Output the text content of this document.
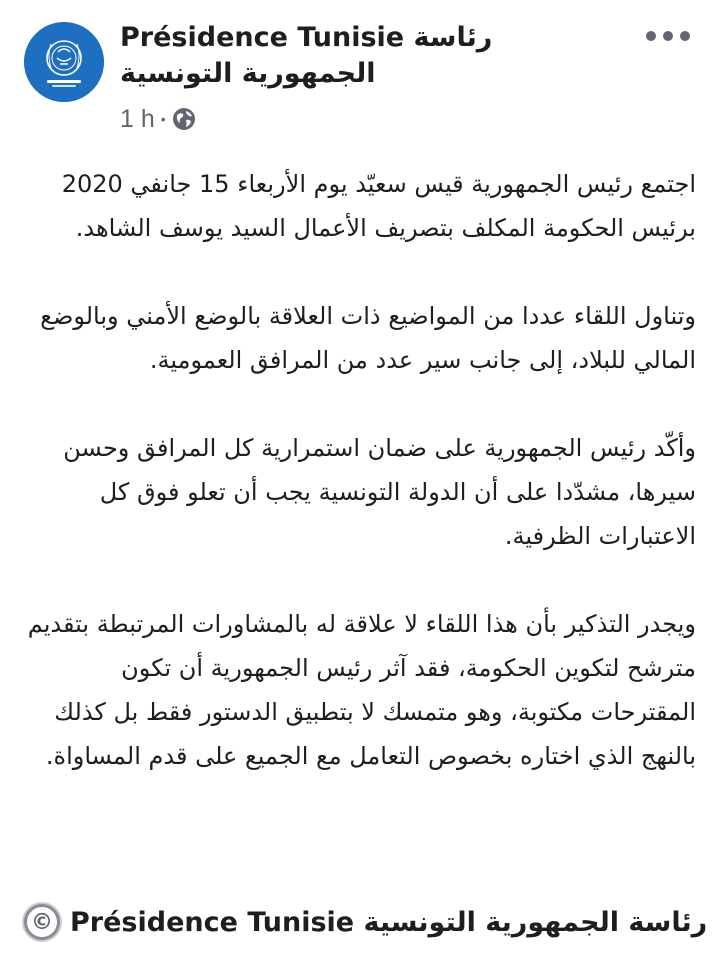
Présidence Tunisie رئاسة الجمهورية التونسية
1 h •

اجتمع رئيس الجمهورية قيس سعيّد يوم الأربعاء 15 جانفي 2020 برئيس الحكومة المكلف بتصريف الأعمال السيد يوسف الشاهد.

وتناول اللقاء عددا من المواضيع ذات العلاقة بالوضع الأمني وبالوضع المالي للبلاد، إلى جانب سير عدد من المرافق العمومية.

وأكّد رئيس الجمهورية على ضمان استمرارية كل المرافق وحسن سيرها، مشدّدا على أن الدولة التونسية يجب أن تعلو فوق كل الاعتبارات الظرفية.

ويجدر التذكير بأن هذا اللقاء لا علاقة له بالمشاورات المرتبطة بتقديم مترشح لتكوين الحكومة، فقد آثر رئيس الجمهورية أن تكون المقترحات مكتوبة، وهو متمسك لا بتطبيق الدستور فقط بل كذلك بالنهج الذي اختاره بخصوص التعامل مع الجميع على قدم المساواة.

© Présidence Tunisie رئاسة الجمهورية التونسية
